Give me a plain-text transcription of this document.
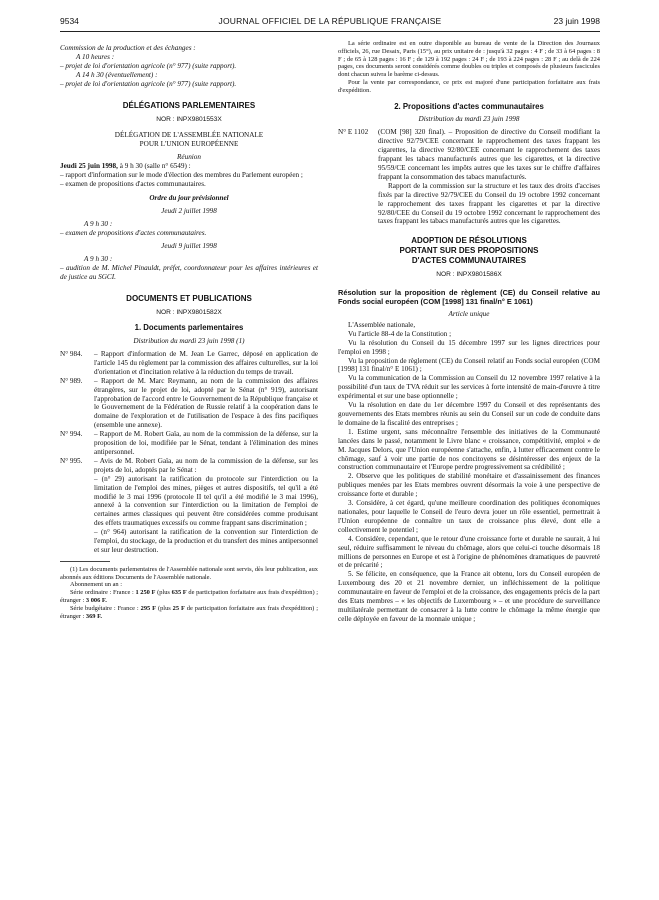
9534	JOURNAL OFFICIEL DE LA RÉPUBLIQUE FRANÇAISE	23 juin 1998

Commission de la production et des échanges :

A 10 heures :

– projet de loi d'orientation agricole (n° 977) (suite rapport).

A 14 h 30 (éventuellement) :

– projet de loi d'orientation agricole (n° 977) (suite rapport).

DÉLÉGATIONS PARLEMENTAIRES

NOR : INPX9801553X

DÉLÉGATION DE L'ASSEMBLÉE NATIONALE POUR L'UNION EUROPÉENNE

Réunion

Jeudi 25 juin 1998, à 9 h 30 (salle n° 6549) :

– rapport d'information sur le mode d'élection des membres du Parlement européen ;

– examen de propositions d'actes communautaires.

Ordre du jour prévisionnel

Jeudi 2 juillet 1998

A 9 h 30 :

– examen de propositions d'actes communautaires.

Jeudi 9 juillet 1998

A 9 h 30 :

– audition de M. Michel Pinauldt, préfet, coordonnateur pour les affaires intérieures et de justice au SGCI.

DOCUMENTS ET PUBLICATIONS

NOR : INPX9801582X

1. Documents parlementaires

Distribution du mardi 23 juin 1998 (1)

N° 984. – Rapport d'information de M. Jean Le Garrec, déposé en application de l'article 145 du règlement par la commission des affaires culturelles, sur la loi d'orientation et d'incitation relative à la réduction du temps de travail.
N° 989. – Rapport de M. Marc Reymann, au nom de la commission des affaires étrangères, sur le projet de loi, adopté par le Sénat (n° 919), autorisant l'approbation de l'accord entre le Gouvernement de la République française et le Gouvernement de la Fédération de Russie relatif à la coopération dans le domaine de l'exploration et de l'utilisation de l'espace à des fins pacifiques (ensemble une annexe).
N° 994. – Rapport de M. Robert Gaïa, au nom de la commission de la défense, sur la proposition de loi, modifiée par le Sénat, tendant à l'élimination des mines antipersonnel.
N° 995. – Avis de M. Robert Gaïa, au nom de la commission de la défense, sur les projets de loi, adoptés par le Sénat :

– (n° 29) autorisant la ratification du protocole sur l'interdiction ou la limitation de l'emploi des mines, pièges et autres dispositifs, tel qu'il a été modifié le 3 mai 1996 (protocole II tel qu'il a été modifié le 3 mai 1996), annexé à la convention sur l'interdiction ou la limitation de l'emploi de certaines armes classiques qui peuvent être considérées comme produisant des effets traumatiques excessifs ou comme frappant sans discrimination ;

– (n° 964) autorisant la ratification de la convention sur l'interdiction de l'emploi, du stockage, de la production et du transfert des mines antipersonnel et sur leur destruction.

(1) Les documents parlementaires de l'Assemblée nationale sont servis, dès leur publication, aux abonnés aux éditions Documents de l'Assemblée nationale.

Abonnement un an :

Série ordinaire : France : 1 250 F (plus 635 F de participation forfaitaire aux frais d'expédition) ; étranger : 3 006 F.

Série budgétaire : France : 295 F (plus 25 F de participation forfaitaire aux frais d'expédition) ; étranger : 369 F.

La série ordinaire est en outre disponible au bureau de vente de la Direction des Journaux officiels, 26, rue Desaix, Paris (15°), au prix unitaire de : jusqu'à 32 pages : 4 F ; de 33 à 64 pages : 8 F ; de 65 à 128 pages : 16 F ; de 129 à 192 pages : 24 F ; de 193 à 224 pages : 28 F ; au delà de 224 pages, ces documents seront considérés comme doubles ou triples et composés de plusieurs fascicules dont chacun suivra le barème ci-dessus.

Pour la vente par correspondance, ce prix est majoré d'une participation forfaitaire aux frais d'expédition.

2. Propositions d'actes communautaires

Distribution du mardi 23 juin 1998

N° E 1102 (COM [98] 320 final). – Proposition de directive du Conseil modifiant la directive 92/79/CEE concernant le rapprochement des taxes frappant les cigarettes, la directive 92/80/CEE concernant le rapprochement des taxes frappant les tabacs manufacturés autres que les cigarettes, et la directive 95/59/CE concernant les impôts autres que les taxes sur le chiffre d'affaires frappant la consommation des tabacs manufacturés.

Rapport de la commission sur la structure et les taux des droits d'accises fixés par la directive 92/79/CEE du Conseil du 19 octobre 1992 concernant le rapprochement des taxes frappant les cigarettes et par la directive 92/80/CEE du Conseil du 19 octobre 1992 concernant le rapprochement des taxes frappant les tabacs manufacturés autres que les cigarettes.

ADOPTION DE RÉSOLUTIONS

PORTANT SUR DES PROPOSITIONS

D'ACTES COMMUNAUTAIRES

NOR : INPX9801586X

Résolution sur la proposition de règlement (CE) du Conseil relative au Fonds social européen (COM [1998] 131 final/n° E 1061)

Article unique

L'Assemblée nationale,

Vu l'article 88-4 de la Constitution ;

Vu la résolution du Conseil du 15 décembre 1997 sur les lignes directrices pour l'emploi en 1998 ;

Vu la proposition de règlement (CE) du Conseil relatif au Fonds social européen (COM [1998] 131 final/n° E 1061) ;

Vu la communication de la Commission au Conseil du 12 novembre 1997 relative à la possibilité d'un taux de TVA réduit sur les services à forte intensité de main-d'œuvre à titre expérimental et sur une base optionnelle ;

Vu la résolution en date du 1er décembre 1997 du Conseil et des représentants des gouvernements des Etats membres réunis au sein du Conseil sur un code de conduite dans le domaine de la fiscalité des entreprises ;

1. Estime urgent, sans méconnaître l'ensemble des initiatives de la Communauté lancées dans le passé, notamment le Livre blanc « croissance, compétitivité, emploi » de M. Jacques Delors, que l'Union européenne s'attache, enfin, à lutter efficacement contre le chômage, sauf à voir une partie de nos concitoyens se désintéresser des enjeux de la construction communautaire et l'Europe perdre progressivement sa crédibilité ;

2. Observe que les politiques de stabilité monétaire et d'assainissement des finances publiques menées par les Etats membres ouvrent désormais la voie à une perspective de croissance forte et durable ;

3. Considère, à cet égard, qu'une meilleure coordination des politiques économiques nationales, pour laquelle le Conseil de l'euro devra jouer un rôle essentiel, permettrait à l'Union européenne de connaître un taux de croissance plus élevé, dont elle a collectivement le potentiel ;

4. Considère, cependant, que le retour d'une croissance forte et durable ne saurait, à lui seul, réduire suffisamment le niveau du chômage, alors que celui-ci touche désormais 18 millions de personnes en Europe et est à l'origine de phénomènes dramatiques de pauvreté et de précarité ;

5. Se félicite, en conséquence, que la France ait obtenu, lors du Conseil européen de Luxembourg des 20 et 21 novembre dernier, un infléchissement de la politique communautaire en faveur de l'emploi et de la croissance, des engagements précis de la part des Etats membres – « les objectifs de Luxembourg » – et une procédure de surveillance multilatérale permettant de consacrer à la lutte contre le chômage la même énergie que celle déployée en faveur de la monnaie unique ;
